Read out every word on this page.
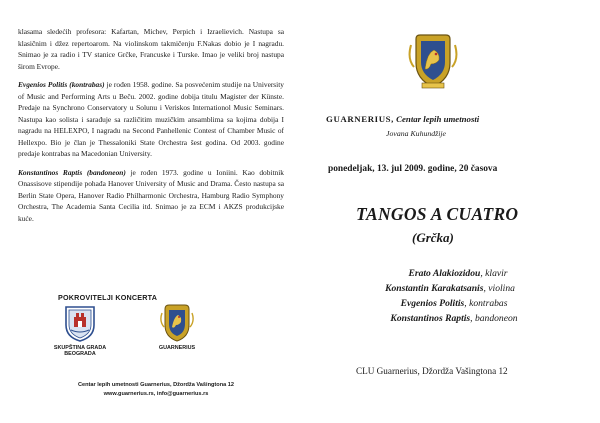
klasama sledećih profesora: Kafartan, Michev, Perpich i Izraelievich. Nastupa sa klasičnim i džez repertoarom. Na violinskom takmičenju F.Nakas dobio je I nagradu. Snimao je za radio i TV stanice Grčke, Francuske i Turske. Imao je veliki broj nastupa širom Evrope.

Evgenios Politis (kontrabas) je rođen 1958. godine. Sa posvećenim studije na University of Music and Performing Arts u Beču. 2002. godine dobija titulu Magister der Künste. Predaje na Synchrono Conservatory u Solunu i Veriskos Internationol Music Seminars. Nastupa kao solista i sarađuje sa različitim muzičkim ansamblima sa kojima dobija I nagradu na HELEXPO, I nagradu na Second Panhellenic Contest of Chamber Music of Hellexpo. Bio je član je Thessaloniki State Orchestra šest godina. Od 2003. godine predaje kontrabas na Macedonian University.

Konstantinos Raptis (bandoneon) je rođen 1973. godine u Ioniini. Kao dobitnik Onassisove stipendije pohađa Hanover University of Music and Drama. Često nastupa sa Berlin State Opera, Hanover Radio Philharmonic Orchestra, Hamburg Radio Symphony Orchestra, The Academia Santa Cecilia itd. Snimao je za ECM i AKZS produkcijske kuće.

POKROVITELJI KONCERTA
SKUPŠTINA GRADA BEOGRADA
GUARNERIUS
Centar lepih umetnosti Guarnerius, Džordža Vašingtona 12
www.guarnerius.rs, info@guarnerius.rs
GUARNERIUS, Centar lepih umetnosti
Jovana Kuhundžije
ponedeljak, 13. jul 2009. godine, 20 časova
TANGOS A CUATRO
(Grčka)
Erato Alakiozidou, klavir
Konstantin Karakatsanis, violina
Evgenios Politis, kontrabas
Konstantinos Raptis, bandoneon
CLU Guarnerius, Džordža Vašingtona 12
